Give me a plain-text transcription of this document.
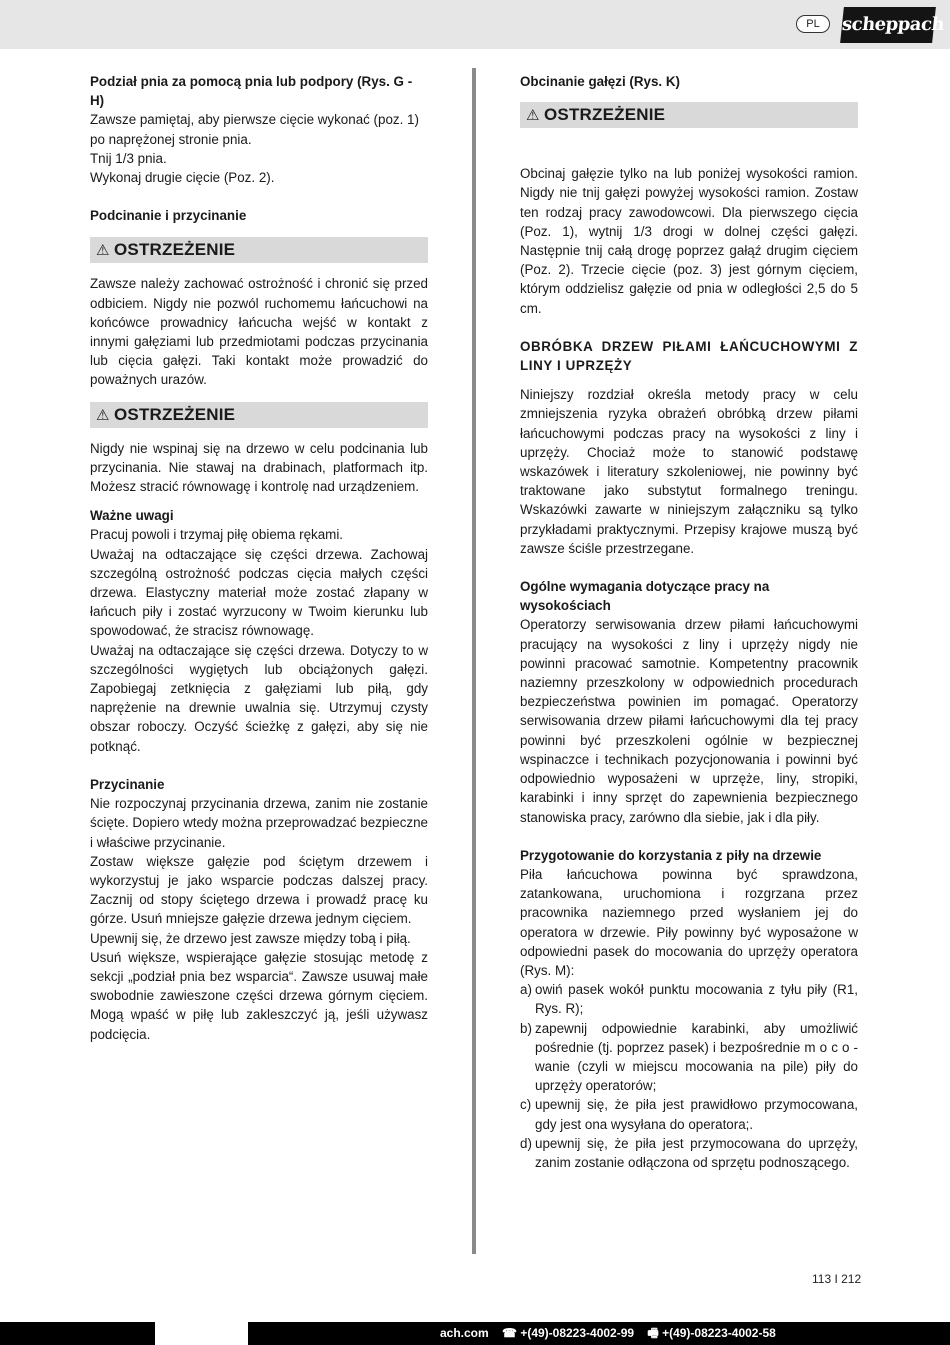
PL	scheppach
Podział pnia za pomocą pnia lub podpory (Rys. G - H)
Zawsze pamiętaj, aby pierwsze cięcie wykonać (poz. 1) po naprężonej stronie pnia.
Tnij 1/3 pnia.
Wykonaj drugie cięcie (Poz. 2).
Podcinanie i przycinanie
⚠ OSTRZEŻENIE
Zawsze należy zachować ostrożność i chronić się przed odbiciem. Nigdy nie pozwól ruchomemu łańcuchowi na końcówce prowadnicy łańcucha wejść w kontakt z innymi gałęziami lub przedmiotami podczas przycinania lub cięcia gałęzi. Taki kontakt może prowadzić do poważnych urazów.
⚠ OSTRZEŻENIE
Nigdy nie wspinaj się na drzewo w celu podcinania lub przycinania. Nie stawaj na drabinach, platformach itp. Możesz stracić równowagę i kontrolę nad urządzeniem.
Ważne uwagi
Pracuj powoli i trzymaj piłę obiema rękami.
Uważaj na odtaczające się części drzewa. Zachowaj szczególną ostrożność podczas cięcia małych części drzewa. Elastyczny materiał może zostać złapany w łańcuch piły i zostać wyrzucony w Twoim kierunku lub spowodować, że stracisz równowagę.
Uważaj na odtaczające się części drzewa. Dotyczy to w szczególności wygiętych lub obciążonych gałęzi. Zapobiegaj zetknięcia z gałęziami lub piłą, gdy naprężenie na drewnie uwalnia się. Utrzymuj czysty obszar roboczy. Oczyść ścieżkę z gałęzi, aby się nie potknąć.
Przycinanie
Nie rozpoczynaj przycinania drzewa, zanim nie zostanie ścięte. Dopiero wtedy można przeprowadzać bezpieczne i właściwe przycinanie.
Zostaw większe gałęzie pod ściętym drzewem i wykorzystuj je jako wsparcie podczas dalszej pracy. Zacznij od stopy ściętego drzewa i prowadź pracę ku górze. Usuń mniejsze gałęzie drzewa jednym cięciem.
Upewnij się, że drzewo jest zawsze między tobą i piłą.
Usuń większe, wspierające gałęzie stosując metodę z sekcji „podział pnia bez wsparcia“. Zawsze usuwaj małe swobodnie zawieszone części drzewa górnym cięciem. Mogą wpaść w piłę lub zakleszczyć ją, jeśli używasz podcięcia.
Obcinanie gałęzi (Rys. K)
⚠ OSTRZEŻENIE
Obcinaj gałęzie tylko na lub poniżej wysokości ramion. Nigdy nie tnij gałęzi powyżej wysokości ramion. Zostaw ten rodzaj pracy zawodowcowi. Dla pierwszego cięcia (Poz. 1), wytnij 1/3 drogi w dolnej części gałęzi. Następnie tnij całą drogę poprzez gałąź drugim cięciem (Poz. 2). Trzecie cięcie (poz. 3) jest górnym cięciem, którym oddzielisz gałęzie od pnia w odległości 2,5 do 5 cm.
OBRÓBKA DRZEW PIŁAMI ŁAŃCUCHOWYMI Z LINY I UPRZĘŻY
Niniejszy rozdział określa metody pracy w celu zmniejszenia ryzyka obrażeń obróbką drzew piłami łańcuchowymi podczas pracy na wysokości z liny i uprzęży. Chociaż może to stanowić podstawę wskazówek i literatury szkoleniowej, nie powinny być traktowane jako substytut formalnego treningu. Wskazówki zawarte w niniejszym załączniku są tylko przykładami praktycznymi. Przepisy krajowe muszą być zawsze ściśle przestrzegane.
Ogólne wymagania dotyczące pracy na wysokościach
Operatorzy serwisowania drzew piłami łańcuchowymi pracujący na wysokości z liny i uprzęży nigdy nie powinni pracować samotnie. Kompetentny pracownik naziemny przeszkolony w odpowiednich procedurach bezpieczeństwa powinien im pomagać. Operatorzy serwisowania drzew piłami łańcuchowymi dla tej pracy powinni być przeszkoleni ogólnie w bezpiecznej wspinaczce i technikach pozycjonowania i powinni być odpowiednio wyposażeni w uprzęże, liny, stropiki, karabinki i inny sprzęt do zapewnienia bezpiecznego stanowiska pracy, zarówno dla siebie, jak i dla piły.
Przygotowanie do korzystania z piły na drzewie
Piła łańcuchowa powinna być sprawdzona, zatankowana, uruchomiona i rozgrzana przez pracownika naziemnego przed wysłaniem jej do operatora w drzewie. Piły powinny być wyposażone w odpowiedni pasek do mocowania do uprzęży operatora (Rys. M):
a) owiń pasek wokół punktu mocowania z tyłu piły (R1, Rys. R);
b) zapewnij odpowiednie karabinki, aby umożliwić pośrednie (tj. poprzez pasek) i bezpośrednie m o c o - wanie (czyli w miejscu mocowania na pile) piły do uprzęży operatorów;
c) upewnij się, że piła jest prawidłowo przymocowana, gdy jest ona wysyłana do operatora;.
d) upewnij się, że piła jest przymocowana do uprzęży, zanim zostanie odłączona od sprzętu podnoszącego.
113 I 212
ach.com ☎ +(49)-08223-4002-99 🖷 +(49)-08223-4002-58
